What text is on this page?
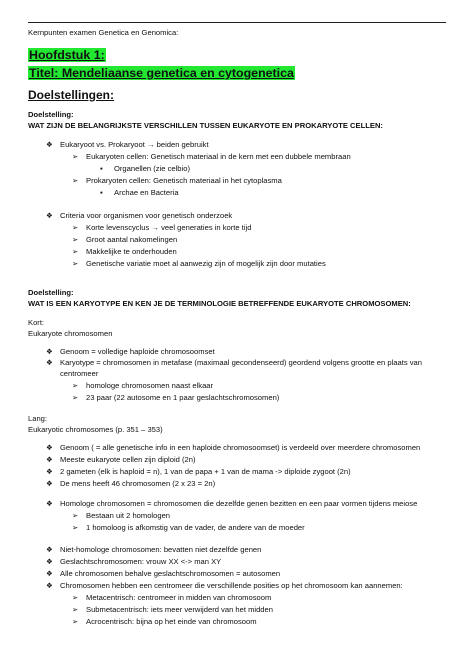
Kernpunten examen Genetica en Genomica:
Hoofdstuk 1:
Titel: Mendeliaanse genetica en cytogenetica
Doelstellingen:
Doelstelling:
WAT ZIJN DE BELANGRIJKSTE VERSCHILLEN TUSSEN EUKARYOTE EN PROKARYOTE CELLEN:
❖ Eukaryoot vs. Prokaryoot → beiden gebruikt
➢	Eukaryoten cellen: Genetisch materiaal in de kern met een dubbele membraan
▪	Organellen (zie celbio)
➢	Prokaryoten cellen: Genetisch materiaal in het cytoplasma
▪	Archae en Bacteria
❖ Criteria voor organismen voor genetisch onderzoek
➢	Korte levenscyclus → veel generaties in korte tijd
➢	Groot aantal nakomelingen
➢	Makkelijke te onderhouden
➢	Genetische variatie moet al aanwezig zijn of mogelijk zijn door mutaties
Doelstelling:
WAT IS EEN KARYOTYPE EN KEN JE DE TERMINOLOGIE BETREFFENDE EUKARYOTE CHROMOSOMEN:
Kort:
Eukaryote chromosomen
❖ Genoom = volledige haploide chromosoomset
❖ Karyotype = chromosomen in metafase (maximaal gecondenseerd) geordend volgens grootte en plaats van
centromeer
➢	homologe chromosomen naast elkaar
➢	23 paar (22 autosome en 1 paar geslachtschromosomen)
Lang:
Eukaryotic chromosomes (p. 351 – 353)
❖ Genoom ( = alle genetische info in een haploide chromosoomset) is verdeeld over meerdere chromosomen
❖ Meeste eukaryote cellen zijn diploid (2n)
❖ 2 gameten (elk is haploid = n), 1 van de papa + 1 van de mama -> diploide zygoot (2n)
❖ De mens heeft 46 chromosomen (2 x 23 = 2n)
❖ Homologe chromosomen = chromosomen die dezelfde genen bezitten en een paar vormen tijdens meiose
➢	Bestaan uit 2 homologen
➢	1 homoloog is afkomstig van de vader, de andere van de moeder
❖ Niet-homologe chromosomen: bevatten niet dezelfde genen
❖ Geslachtschromosomen: vrouw XX <-> man XY
❖ Alle chromosomen behalve geslachtschromosomen = autosomen
❖ Chromosomen hebben een centromeer die verschillende posities op het chromosoom kan aannemen:
➢	Metacentrisch: centromeer in midden van chromosoom
➢	Submetacentrisch: iets meer verwijderd van het midden
➢	Acrocentrisch: bijna op het einde van chromosoom
